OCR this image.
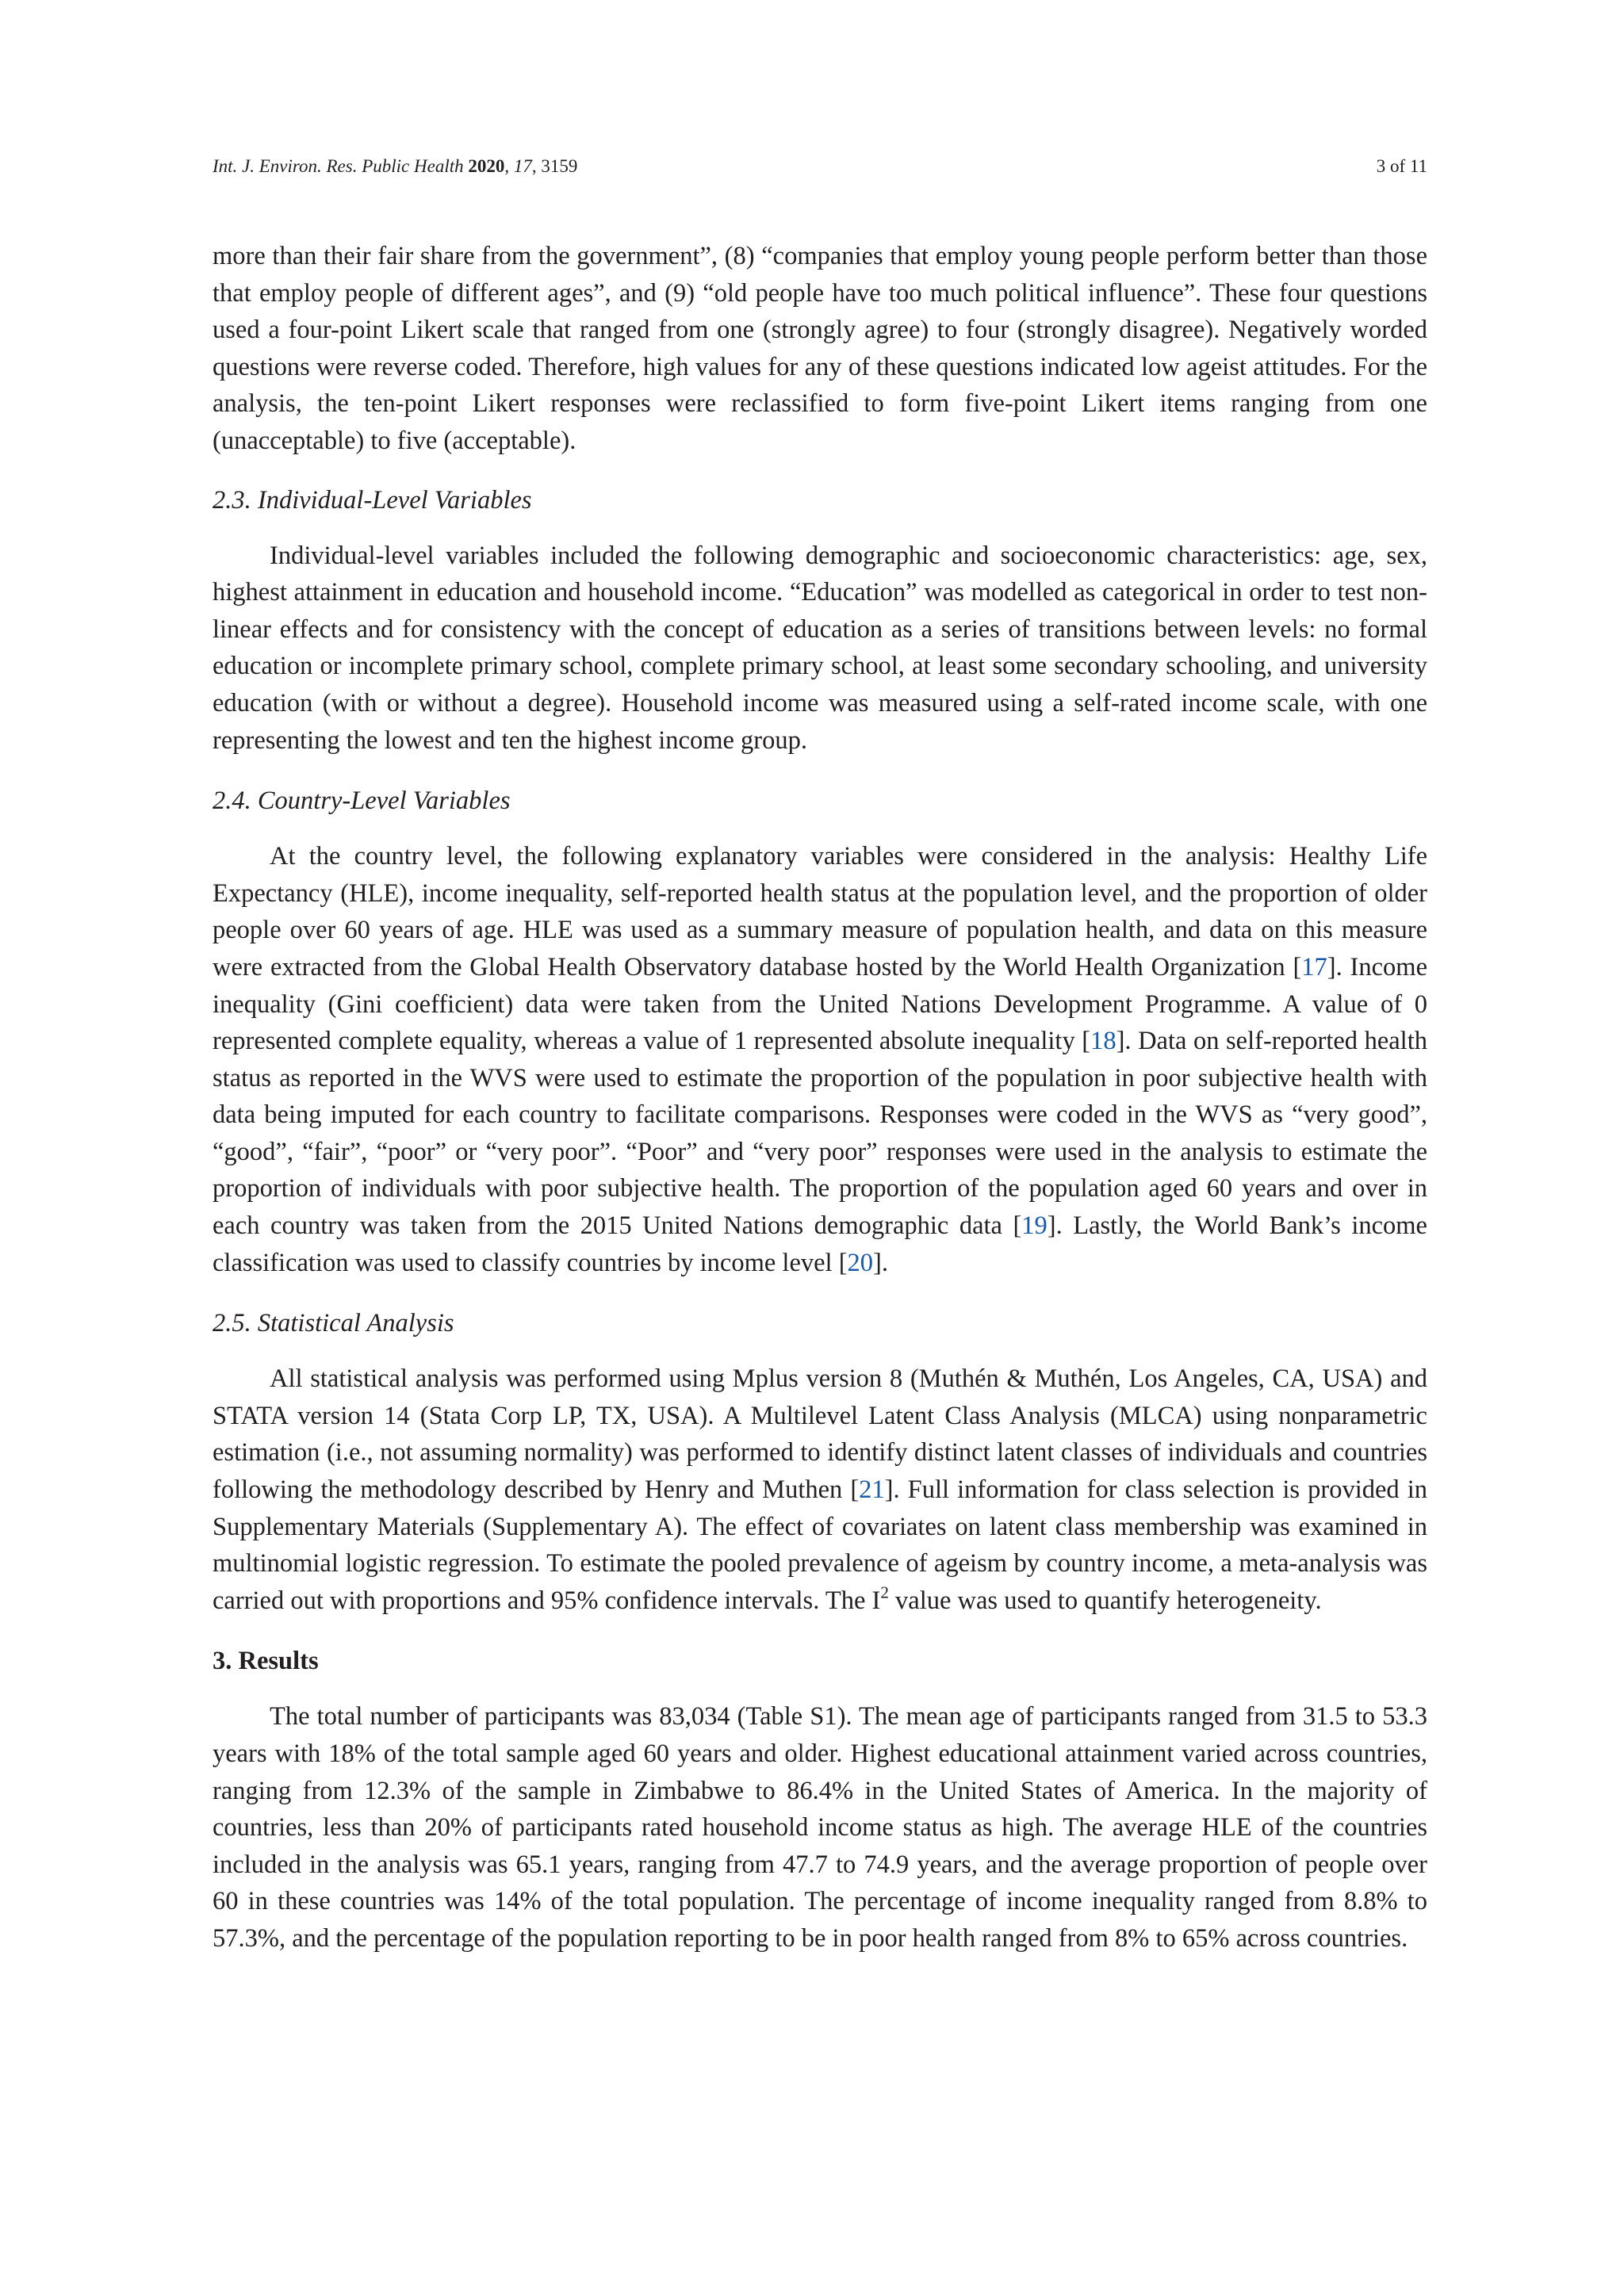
Int. J. Environ. Res. Public Health 2020, 17, 3159	3 of 11

more than their fair share from the government”, (8) “companies that employ young people perform better than those that employ people of different ages”, and (9) “old people have too much political influence”. These four questions used a four-point Likert scale that ranged from one (strongly agree) to four (strongly disagree). Negatively worded questions were reverse coded. Therefore, high values for any of these questions indicated low ageist attitudes. For the analysis, the ten-point Likert responses were reclassified to form five-point Likert items ranging from one (unacceptable) to five (acceptable).

2.3. Individual-Level Variables

Individual-level variables included the following demographic and socioeconomic characteristics: age, sex, highest attainment in education and household income. “Education” was modelled as categorical in order to test non-linear effects and for consistency with the concept of education as a series of transitions between levels: no formal education or incomplete primary school, complete primary school, at least some secondary schooling, and university education (with or without a degree). Household income was measured using a self-rated income scale, with one representing the lowest and ten the highest income group.

2.4. Country-Level Variables

At the country level, the following explanatory variables were considered in the analysis: Healthy Life Expectancy (HLE), income inequality, self-reported health status at the population level, and the proportion of older people over 60 years of age. HLE was used as a summary measure of population health, and data on this measure were extracted from the Global Health Observatory database hosted by the World Health Organization [17]. Income inequality (Gini coefficient) data were taken from the United Nations Development Programme. A value of 0 represented complete equality, whereas a value of 1 represented absolute inequality [18]. Data on self-reported health status as reported in the WVS were used to estimate the proportion of the population in poor subjective health with data being imputed for each country to facilitate comparisons. Responses were coded in the WVS as “very good”, “good”, “fair”, “poor” or “very poor”. “Poor” and “very poor” responses were used in the analysis to estimate the proportion of individuals with poor subjective health. The proportion of the population aged 60 years and over in each country was taken from the 2015 United Nations demographic data [19]. Lastly, the World Bank’s income classification was used to classify countries by income level [20].

2.5. Statistical Analysis

All statistical analysis was performed using Mplus version 8 (Muthén & Muthén, Los Angeles, CA, USA) and STATA version 14 (Stata Corp LP, TX, USA). A Multilevel Latent Class Analysis (MLCA) using nonparametric estimation (i.e., not assuming normality) was performed to identify distinct latent classes of individuals and countries following the methodology described by Henry and Muthen [21]. Full information for class selection is provided in Supplementary Materials (Supplementary A). The effect of covariates on latent class membership was examined in multinomial logistic regression. To estimate the pooled prevalence of ageism by country income, a meta-analysis was carried out with proportions and 95% confidence intervals. The $I^2$ value was used to quantify heterogeneity.

3. Results

The total number of participants was 83,034 (Table S1). The mean age of participants ranged from 31.5 to 53.3 years with 18% of the total sample aged 60 years and older. Highest educational attainment varied across countries, ranging from 12.3% of the sample in Zimbabwe to 86.4% in the United States of America. In the majority of countries, less than 20% of participants rated household income status as high. The average HLE of the countries included in the analysis was 65.1 years, ranging from 47.7 to 74.9 years, and the average proportion of people over 60 in these countries was 14% of the total population. The percentage of income inequality ranged from 8.8% to 57.3%, and the percentage of the population reporting to be in poor health ranged from 8% to 65% across countries.
